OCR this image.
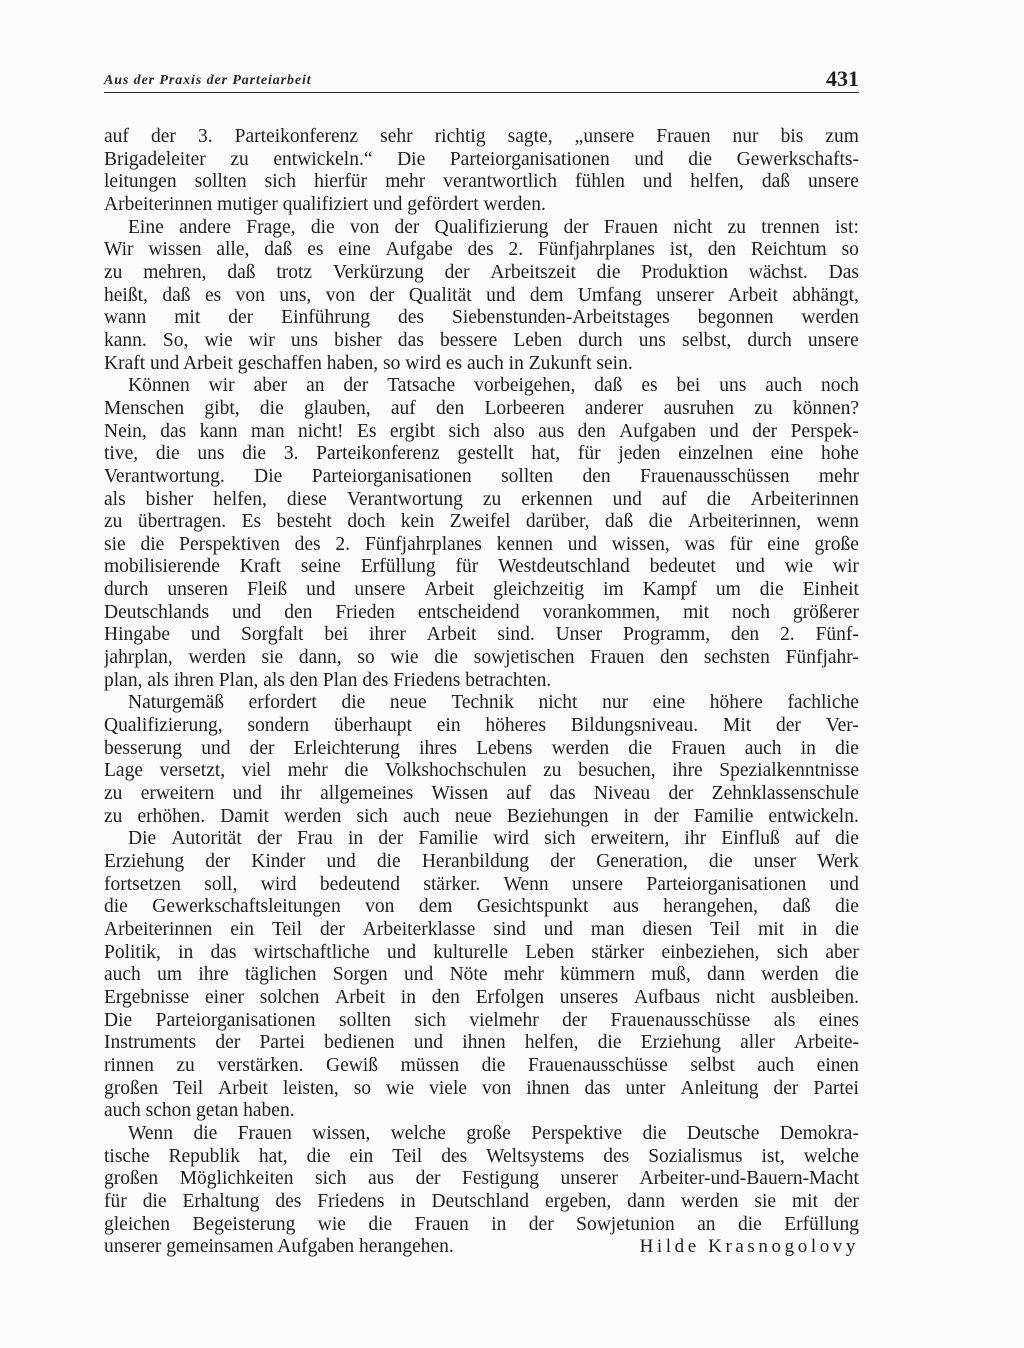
Aus der Praxis der Parteiarbeit	431
auf der 3. Parteikonferenz sehr richtig sagte, „unsere Frauen nur bis zum
Brigadeleiter zu entwickeln.“ Die Parteiorganisationen und die Gewerkschafts-
leitungen sollten sich hierfür mehr verantwortlich fühlen und helfen, daß unsere
Arbeiterinnen mutiger qualifiziert und gefördert werden.
Eine andere Frage, die von der Qualifizierung der Frauen nicht zu trennen ist:
Wir wissen alle, daß es eine Aufgabe des 2. Fünfjahrplanes ist, den Reichtum so
zu mehren, daß trotz Verkürzung der Arbeitszeit die Produktion wächst. Das
heißt, daß es von uns, von der Qualität und dem Umfang unserer Arbeit abhängt,
wann mit der Einführung des Siebenstunden-Arbeitstages begonnen werden
kann. So, wie wir uns bisher das bessere Leben durch uns selbst, durch unsere
Kraft und Arbeit geschaffen haben, so wird es auch in Zukunft sein.
Können wir aber an der Tatsache vorbeigehen, daß es bei uns auch noch
Menschen gibt, die glauben, auf den Lorbeeren anderer ausruhen zu können?
Nein, das kann man nicht! Es ergibt sich also aus den Aufgaben und der Perspek-
tive, die uns die 3. Parteikonferenz gestellt hat, für jeden einzelnen eine hohe
Verantwortung. Die Parteiorganisationen sollten den Frauenausschüssen mehr
als bisher helfen, diese Verantwortung zu erkennen und auf die Arbeiterinnen
zu übertragen. Es besteht doch kein Zweifel darüber, daß die Arbeiterinnen, wenn
sie die Perspektiven des 2. Fünfjahrplanes kennen und wissen, was für eine große
mobilisierende Kraft seine Erfüllung für Westdeutschland bedeutet und wie wir
durch unseren Fleiß und unsere Arbeit gleichzeitig im Kampf um die Einheit
Deutschlands und den Frieden entscheidend vorankommen, mit noch größerer
Hingabe und Sorgfalt bei ihrer Arbeit sind. Unser Programm, den 2. Fünf-
jahrplan, werden sie dann, so wie die sowjetischen Frauen den sechsten Fünfjahr-
plan, als ihren Plan, als den Plan des Friedens betrachten.
Naturgemäß erfordert die neue Technik nicht nur eine höhere fachliche
Qualifizierung, sondern überhaupt ein höheres Bildungsniveau. Mit der Ver-
besserung und der Erleichterung ihres Lebens werden die Frauen auch in die
Lage versetzt, viel mehr die Volkshochschulen zu besuchen, ihre Spezialkenntnisse
zu erweitern und ihr allgemeines Wissen auf das Niveau der Zehnklassenschule
zu erhöhen. Damit werden sich auch neue Beziehungen in der Familie entwickeln.
Die Autorität der Frau in der Familie wird sich erweitern, ihr Einfluß auf die
Erziehung der Kinder und die Heranbildung der Generation, die unser Werk
fortsetzen soll, wird bedeutend stärker. Wenn unsere Parteiorganisationen und
die Gewerkschaftsleitungen von dem Gesichtspunkt aus herangehen, daß die
Arbeiterinnen ein Teil der Arbeiterklasse sind und man diesen Teil mit in die
Politik, in das wirtschaftliche und kulturelle Leben stärker einbeziehen, sich aber
auch um ihre täglichen Sorgen und Nöte mehr kümmern muß, dann werden die
Ergebnisse einer solchen Arbeit in den Erfolgen unseres Aufbaus nicht ausbleiben.
Die Parteiorganisationen sollten sich vielmehr der Frauenausschüsse als eines
Instruments der Partei bedienen und ihnen helfen, die Erziehung aller Arbeite-
rinnen zu verstärken. Gewiß müssen die Frauenausschüsse selbst auch einen
großen Teil Arbeit leisten, so wie viele von ihnen das unter Anleitung der Partei
auch schon getan haben.
Wenn die Frauen wissen, welche große Perspektive die Deutsche Demokra-
tische Republik hat, die ein Teil des Weltsystems des Sozialismus ist, welche
großen Möglichkeiten sich aus der Festigung unserer Arbeiter-und-Bauern-Macht
für die Erhaltung des Friedens in Deutschland ergeben, dann werden sie mit der
gleichen Begeisterung wie die Frauen in der Sowjetunion an die Erfüllung
unserer gemeinsamen Aufgaben herangehen.	Hilde Krasnogolovy
